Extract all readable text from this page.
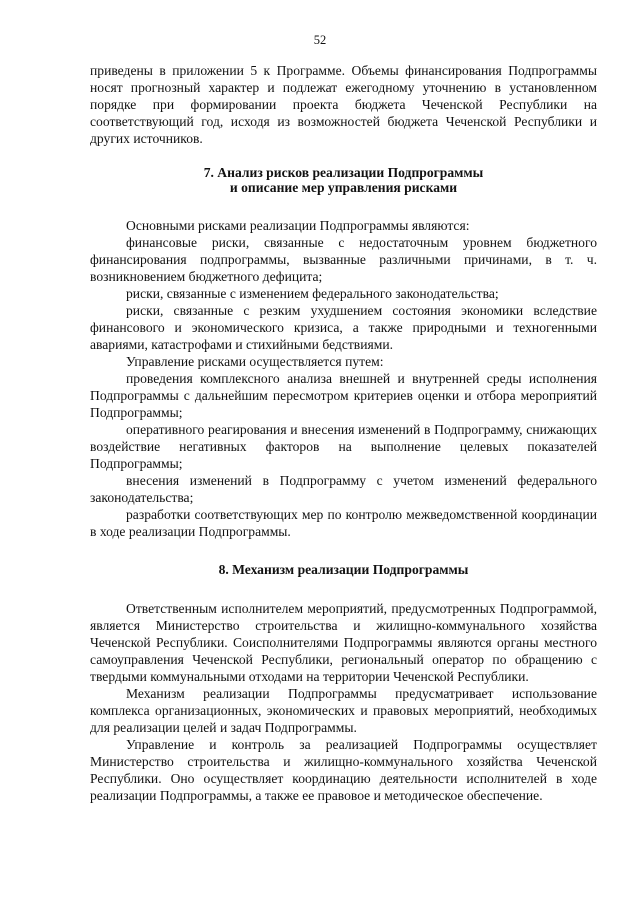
52

приведены в приложении 5 к Программе. Объемы финансирования Подпрограммы носят прогнозный характер и подлежат ежегодному уточнению в установленном порядке при формировании проекта бюджета Чеченской Республики на соответствующий год, исходя из возможностей бюджета Чеченской Республики и других источников.

7. Анализ рисков реализации Подпрограммы

и описание мер управления рисками

Основными рисками реализации Подпрограммы являются:

финансовые риски, связанные с недостаточным уровнем бюджетного финансирования подпрограммы, вызванные различными причинами, в т. ч. возникновением бюджетного дефицита;

риски, связанные с изменением федерального законодательства;

риски, связанные с резким ухудшением состояния экономики вследствие финансового и экономического кризиса, а также природными и техногенными авариями, катастрофами и стихийными бедствиями.

Управление рисками осуществляется путем:

проведения комплексного анализа внешней и внутренней среды исполнения Подпрограммы с дальнейшим пересмотром критериев оценки и отбора мероприятий Подпрограммы;

оперативного реагирования и внесения изменений в Подпрограмму, снижающих воздействие негативных факторов на выполнение целевых показателей Подпрограммы;

внесения изменений в Подпрограмму с учетом изменений федерального законодательства;

разработки соответствующих мер по контролю межведомственной координации в ходе реализации Подпрограммы.

8. Механизм реализации Подпрограммы

Ответственным исполнителем мероприятий, предусмотренных Подпрограммой, является Министерство строительства и жилищно-коммунального хозяйства Чеченской Республики. Соисполнителями Подпрограммы являются органы местного самоуправления Чеченской Республики, региональный оператор по обращению с твердыми коммунальными отходами на территории Чеченской Республики.

Механизм реализации Подпрограммы предусматривает использование комплекса организационных, экономических и правовых мероприятий, необходимых для реализации целей и задач Подпрограммы.

Управление и контроль за реализацией Подпрограммы осуществляет Министерство строительства и жилищно-коммунального хозяйства Чеченской Республики. Оно осуществляет координацию деятельности исполнителей в ходе реализации Подпрограммы, а также ее правовое и методическое обеспечение.
